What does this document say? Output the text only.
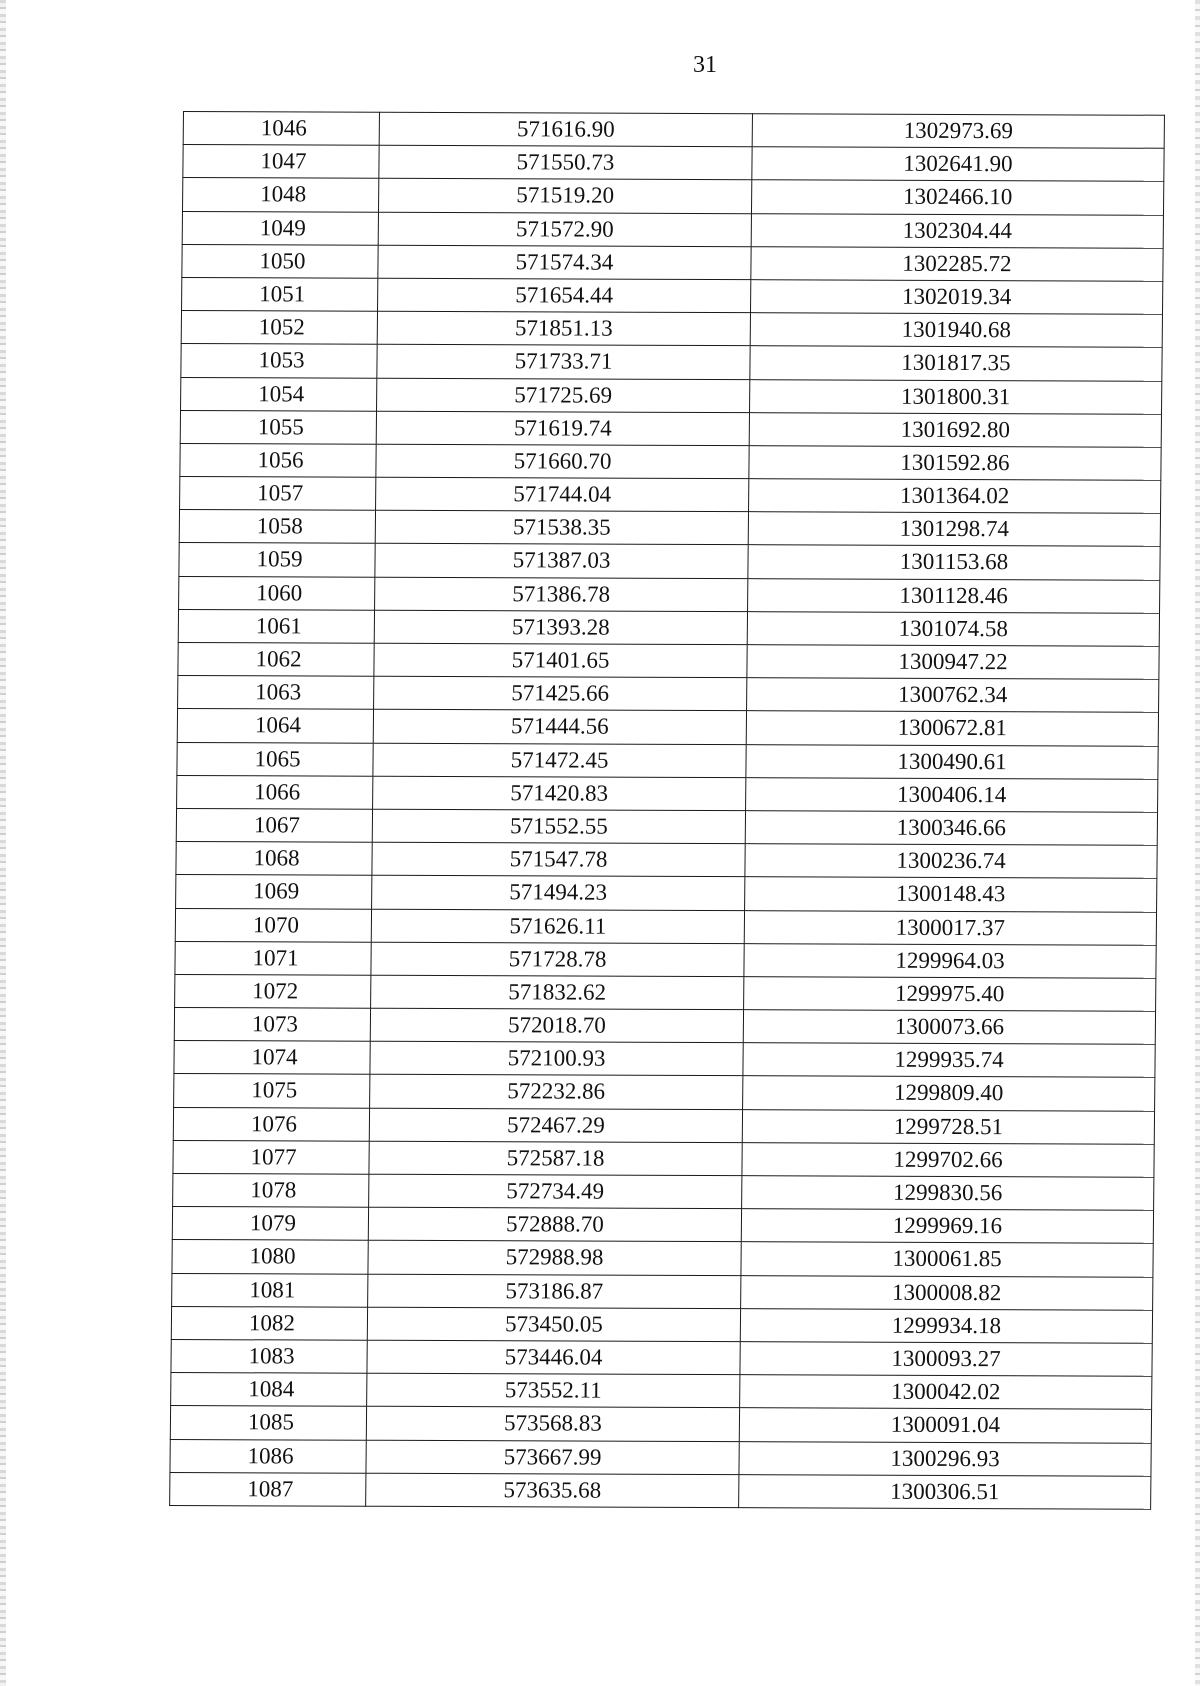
31
1046	571616.90	1302973.69
1047	571550.73	1302641.90
1048	571519.20	1302466.10
1049	571572.90	1302304.44
1050	571574.34	1302285.72
1051	571654.44	1302019.34
1052	571851.13	1301940.68
1053	571733.71	1301817.35
1054	571725.69	1301800.31
1055	571619.74	1301692.80
1056	571660.70	1301592.86
1057	571744.04	1301364.02
1058	571538.35	1301298.74
1059	571387.03	1301153.68
1060	571386.78	1301128.46
1061	571393.28	1301074.58
1062	571401.65	1300947.22
1063	571425.66	1300762.34
1064	571444.56	1300672.81
1065	571472.45	1300490.61
1066	571420.83	1300406.14
1067	571552.55	1300346.66
1068	571547.78	1300236.74
1069	571494.23	1300148.43
1070	571626.11	1300017.37
1071	571728.78	1299964.03
1072	571832.62	1299975.40
1073	572018.70	1300073.66
1074	572100.93	1299935.74
1075	572232.86	1299809.40
1076	572467.29	1299728.51
1077	572587.18	1299702.66
1078	572734.49	1299830.56
1079	572888.70	1299969.16
1080	572988.98	1300061.85
1081	573186.87	1300008.82
1082	573450.05	1299934.18
1083	573446.04	1300093.27
1084	573552.11	1300042.02
1085	573568.83	1300091.04
1086	573667.99	1300296.93
1087	573635.68	1300306.51
